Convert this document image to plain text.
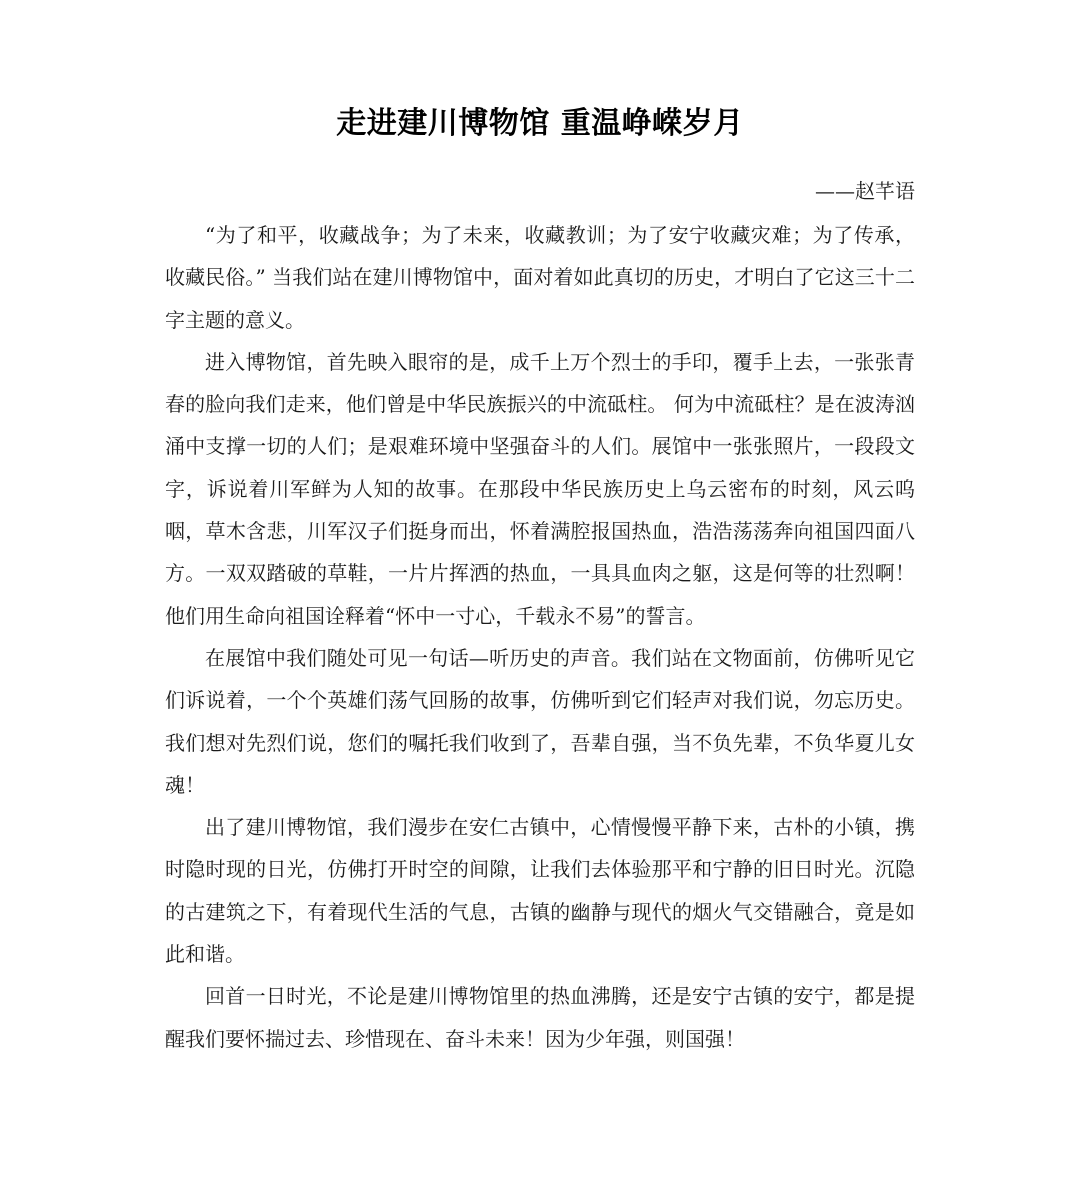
走进建川博物馆 重温峥嵘岁月
——赵芊语

“为了和平，收藏战争；为了未来，收藏教训；为了安宁收藏灾难；为了传承，收藏民俗。” 当我们站在建川博物馆中，面对着如此真切的历史，才明白了它这三十二字主题的意义。

进入博物馆，首先映入眼帘的是，成千上万个烈士的手印，覆手上去，一张张青春的脸向我们走来，他们曾是中华民族振兴的中流砥柱。 何为中流砥柱？是在波涛汹涌中支撑一切的人们；是艰难环境中坚强奋斗的人们。展馆中一张张照片，一段段文字，诉说着川军鲜为人知的故事。在那段中华民族历史上乌云密布的时刻，风云呜咽，草木含悲，川军汉子们挺身而出，怀着满腔报国热血，浩浩荡荡奔向祖国四面八方。一双双踏破的草鞋，一片片挥洒的热血，一具具血肉之躯，这是何等的壮烈啊！他们用生命向祖国诠释着“怀中一寸心，千载永不易”的誓言。

在展馆中我们随处可见一句话—听历史的声音。我们站在文物面前，仿佛听见它们诉说着，一个个英雄们荡气回肠的故事，仿佛听到它们轻声对我们说，勿忘历史。我们想对先烈们说，您们的嘱托我们收到了，吾辈自强，当不负先辈，不负华夏儿女魂！

出了建川博物馆，我们漫步在安仁古镇中，心情慢慢平静下来，古朴的小镇，携时隐时现的日光，仿佛打开时空的间隙，让我们去体验那平和宁静的旧日时光。沉隐的古建筑之下，有着现代生活的气息，古镇的幽静与现代的烟火气交错融合，竟是如此和谐。

回首一日时光，不论是建川博物馆里的热血沸腾，还是安宁古镇的安宁，都是提醒我们要怀揣过去、珍惜现在、奋斗未来！因为少年强，则国强！
